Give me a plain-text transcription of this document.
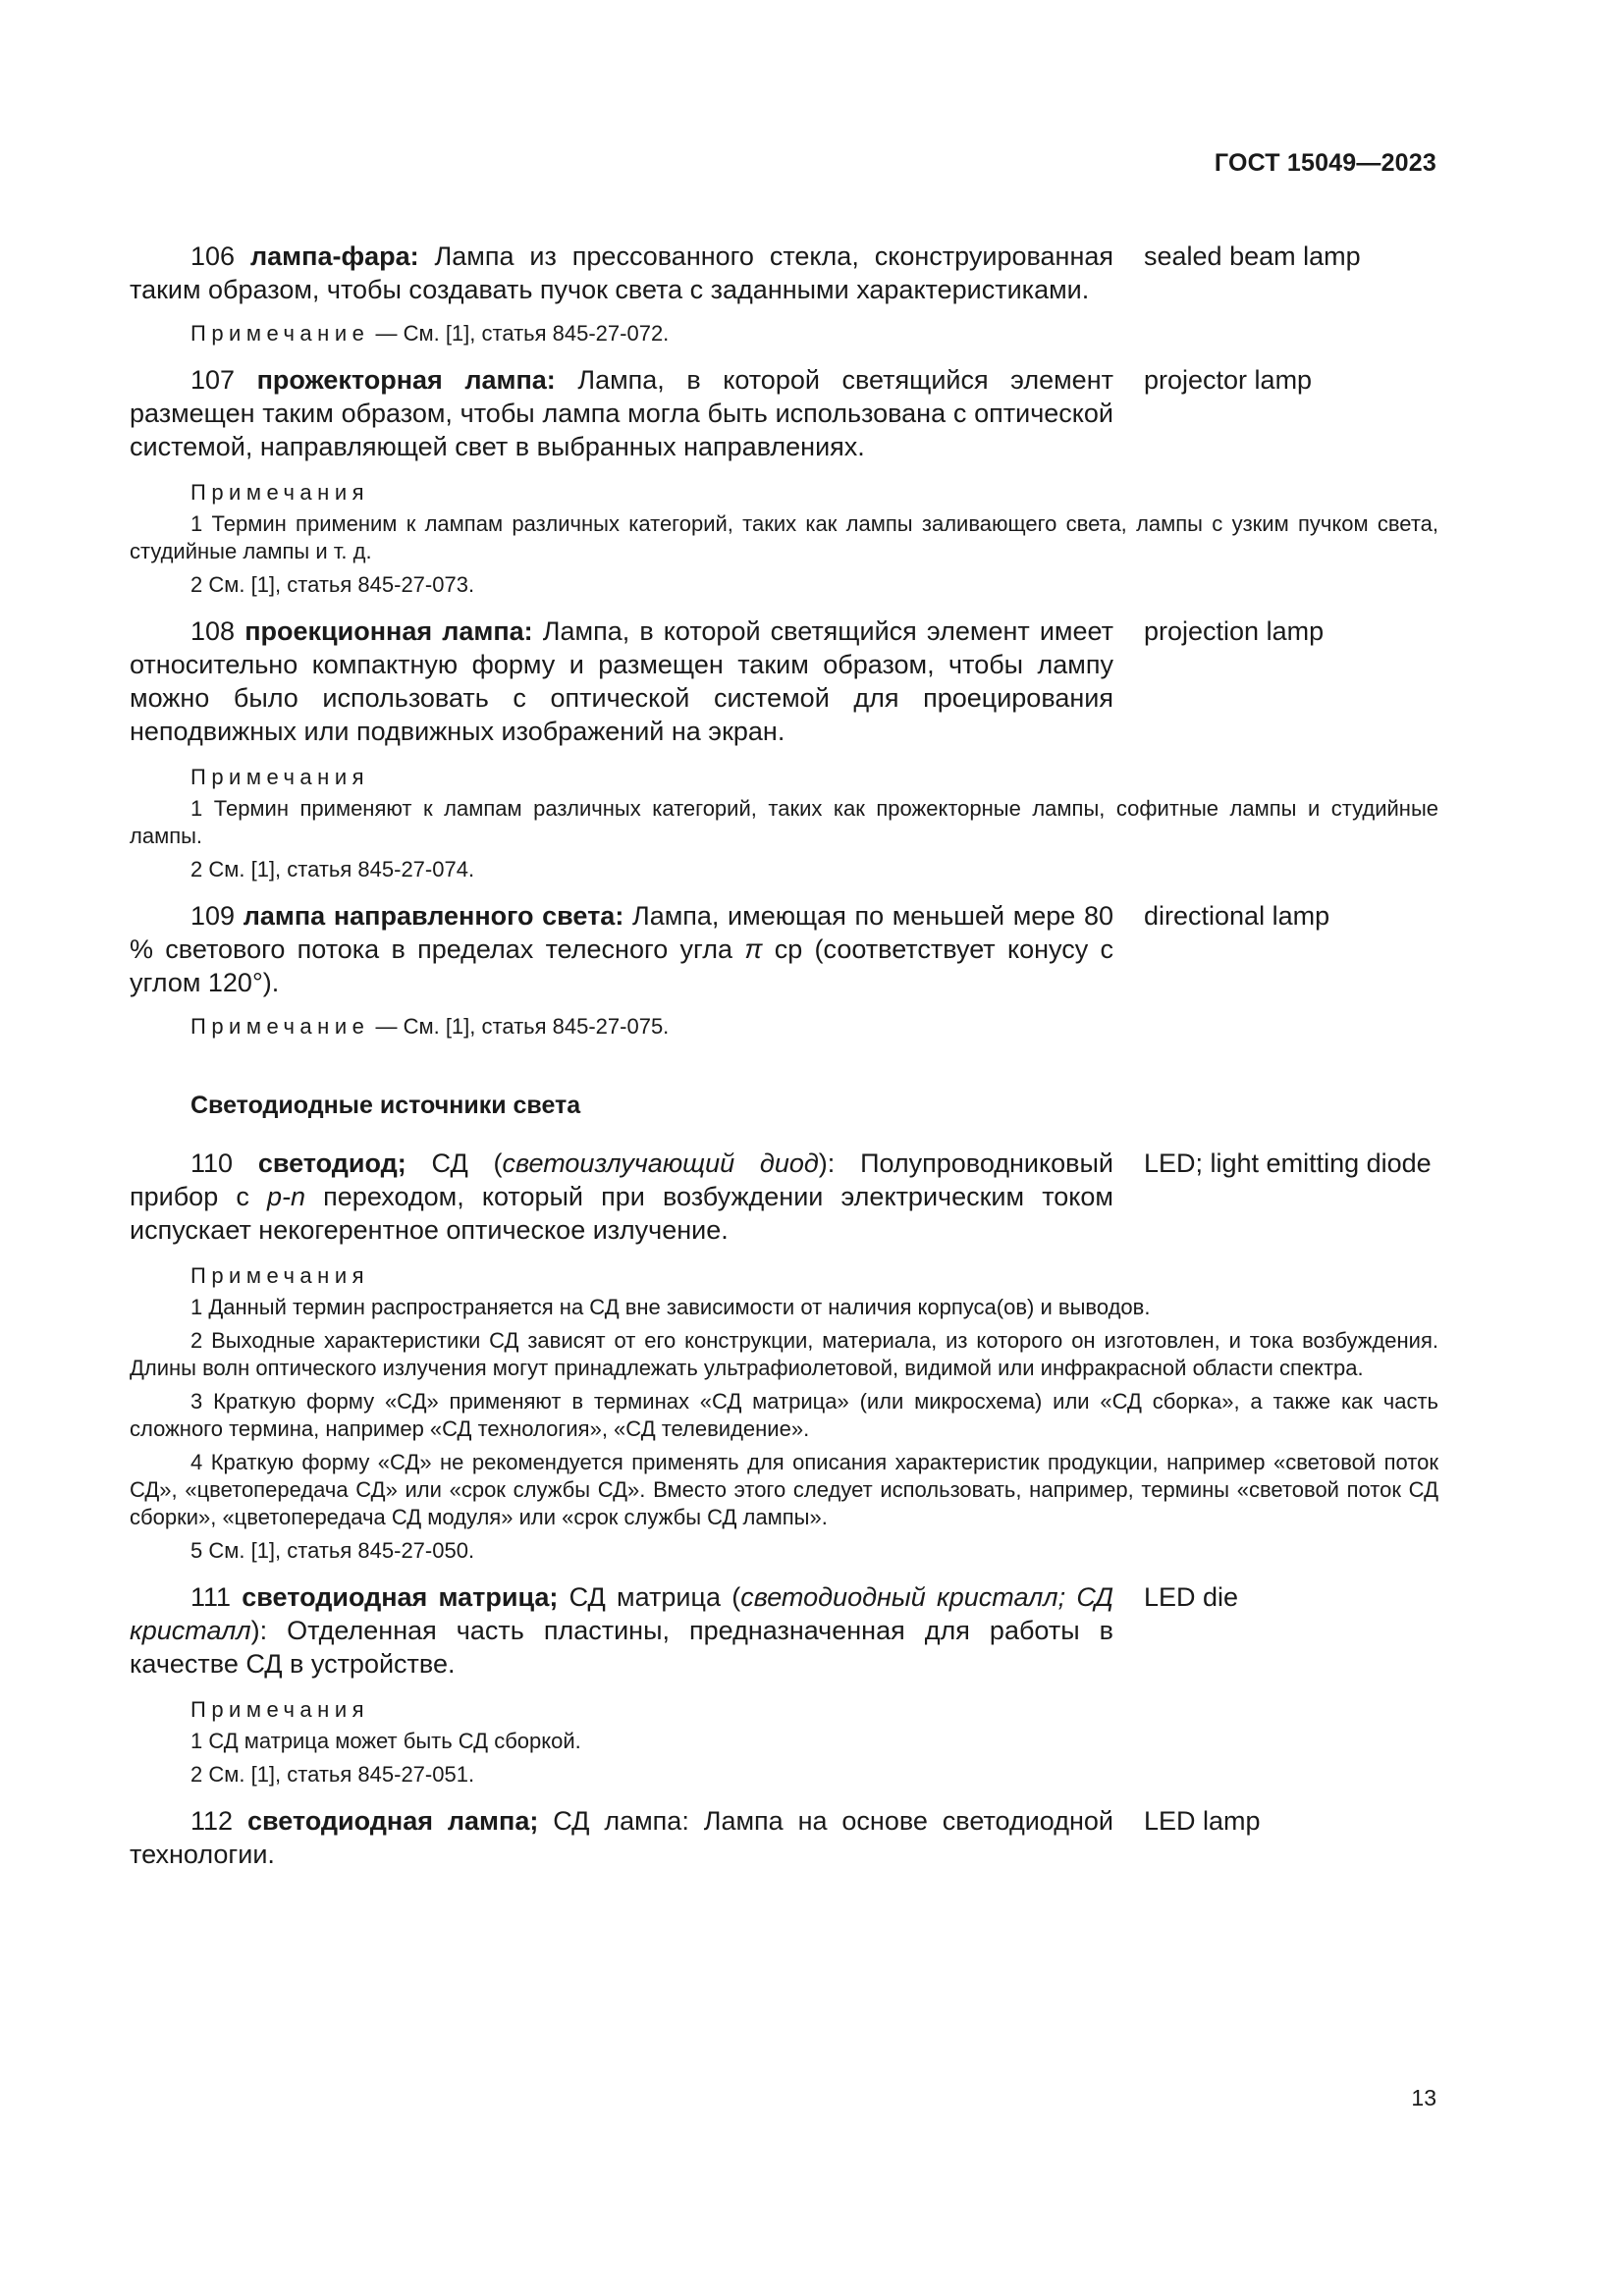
ГОСТ 15049—2023
106 лампа-фара: Лампа из прессованного стекла, сконструированная таким образом, чтобы создавать пучок света с заданными характеристиками.
sealed beam lamp
Примечание — См. [1], статья 845-27-072.
107 прожекторная лампа: Лампа, в которой светящийся элемент размещен таким образом, чтобы лампа могла быть использована с оптической системой, направляющей свет в выбранных направлениях.
projector lamp
Примечания
1 Термин применим к лампам различных категорий, таких как лампы заливающего света, лампы с узким пучком света, студийные лампы и т. д.
2 См. [1], статья 845-27-073.
108 проекционная лампа: Лампа, в которой светящийся элемент имеет относительно компактную форму и размещен таким образом, чтобы лампу можно было использовать с оптической системой для проецирования неподвижных или подвижных изображений на экран.
projection lamp
Примечания
1 Термин применяют к лампам различных категорий, таких как прожекторные лампы, софитные лампы и студийные лампы.
2 См. [1], статья 845-27-074.
109 лампа направленного света: Лампа, имеющая по меньшей мере 80 % светового потока в пределах телесного угла π ср (соответствует конусу с углом 120°).
directional lamp
Примечание — См. [1], статья 845-27-075.
Светодиодные источники света
110 светодиод; СД (светоизлучающий диод): Полупроводниковый прибор с p-n переходом, который при возбуждении электрическим током испускает некогерентное оптическое излучение.
LED; light emitting diode
Примечания
1 Данный термин распространяется на СД вне зависимости от наличия корпуса(ов) и выводов.
2 Выходные характеристики СД зависят от его конструкции, материала, из которого он изготовлен, и тока возбуждения. Длины волн оптического излучения могут принадлежать ультрафиолетовой, видимой или инфракрасной области спектра.
3 Краткую форму «СД» применяют в терминах «СД матрица» (или микросхема) или «СД сборка», а также как часть сложного термина, например «СД технология», «СД телевидение».
4 Краткую форму «СД» не рекомендуется применять для описания характеристик продукции, например «световой поток СД», «цветопередача СД» или «срок службы СД». Вместо этого следует использовать, например, термины «световой поток СД сборки», «цветопередача СД модуля» или «срок службы СД лампы».
5 См. [1], статья 845-27-050.
111 светодиодная матрица; СД матрица (светодиодный кристалл; СД кристалл): Отделенная часть пластины, предназначенная для работы в качестве СД в устройстве.
LED die
Примечания
1 СД матрица может быть СД сборкой.
2 См. [1], статья 845-27-051.
112 светодиодная лампа; СД лампа: Лампа на основе светодиодной технологии.
LED lamp
13
